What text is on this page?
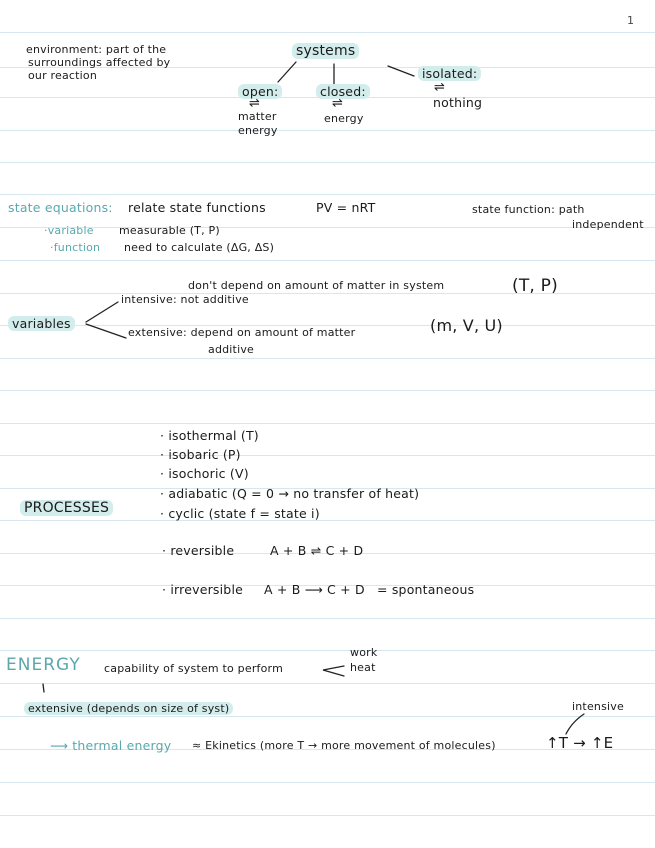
1
environment: part of the
surroundings affected by
our reaction
systems
open:
⇌
matter
energy
closed:
⇌
energy
isolated:
⇌
nothing
state equations: relate state functions	PV = nRT	state function: path
independent
·variable measurable (T, P)
·function need to calculate (ΔG, ΔS)
variables
don't depend on amount of matter in system
intensive: not additive
(T, P)
extensive: depend on amount of matter	(m, V, U)
additive
PROCESSES
· isothermal (T)
· isobaric (P)
· isochoric (V)
· adiabatic (Q = 0 → no transfer of heat)
· cyclic (state f = state i)
· reversible	A + B ⇌ C + D
· irreversible A + B ⟶ C + D = spontaneous
ENERGY capability of system to perform
work
heat
extensive (depends on size of syst)	intensive
⟶ thermal energy ≈ Ekinetics (more T → more movement of molecules)	↑T → ↑E
